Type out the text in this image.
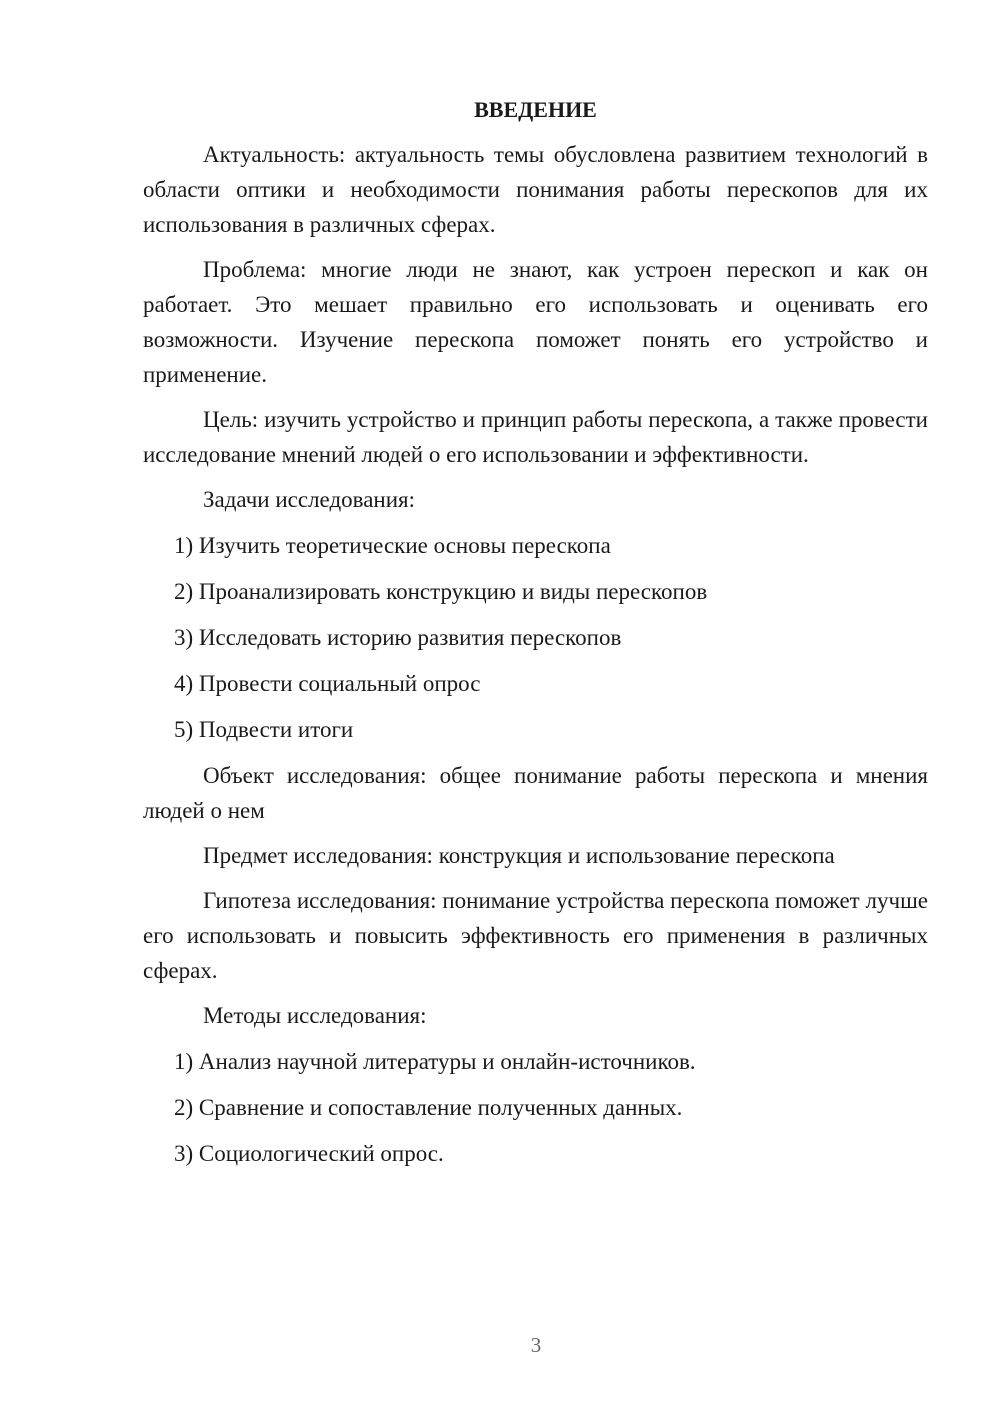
ВВЕДЕНИЕ

Актуальность: актуальность темы обусловлена развитием технологий в области оптики и необходимости понимания работы перескопов для их использования в различных сферах.

Проблема: многие люди не знают, как устроен перескоп и как он работает. Это мешает правильно его использовать и оценивать его возможности. Изучение перескопа поможет понять его устройство и применение.

Цель: изучить устройство и принцип работы перескопа, а также провести исследование мнений людей о его использовании и эффективности.

Задачи исследования:

1) Изучить теоретические основы перескопа
2) Проанализировать конструкцию и виды перескопов
3) Исследовать историю развития перескопов
4) Провести социальный опрос
5) Подвести итоги

Объект исследования: общее понимание работы перескопа и мнения людей о нем

Предмет исследования: конструкция и использование перескопа

Гипотеза исследования: понимание устройства перескопа поможет лучше его использовать и повысить эффективность его применения в различных сферах.

Методы исследования:

1) Анализ научной литературы и онлайн-источников.
2) Сравнение и сопоставление полученных данных.
3) Социологический опрос.
3
